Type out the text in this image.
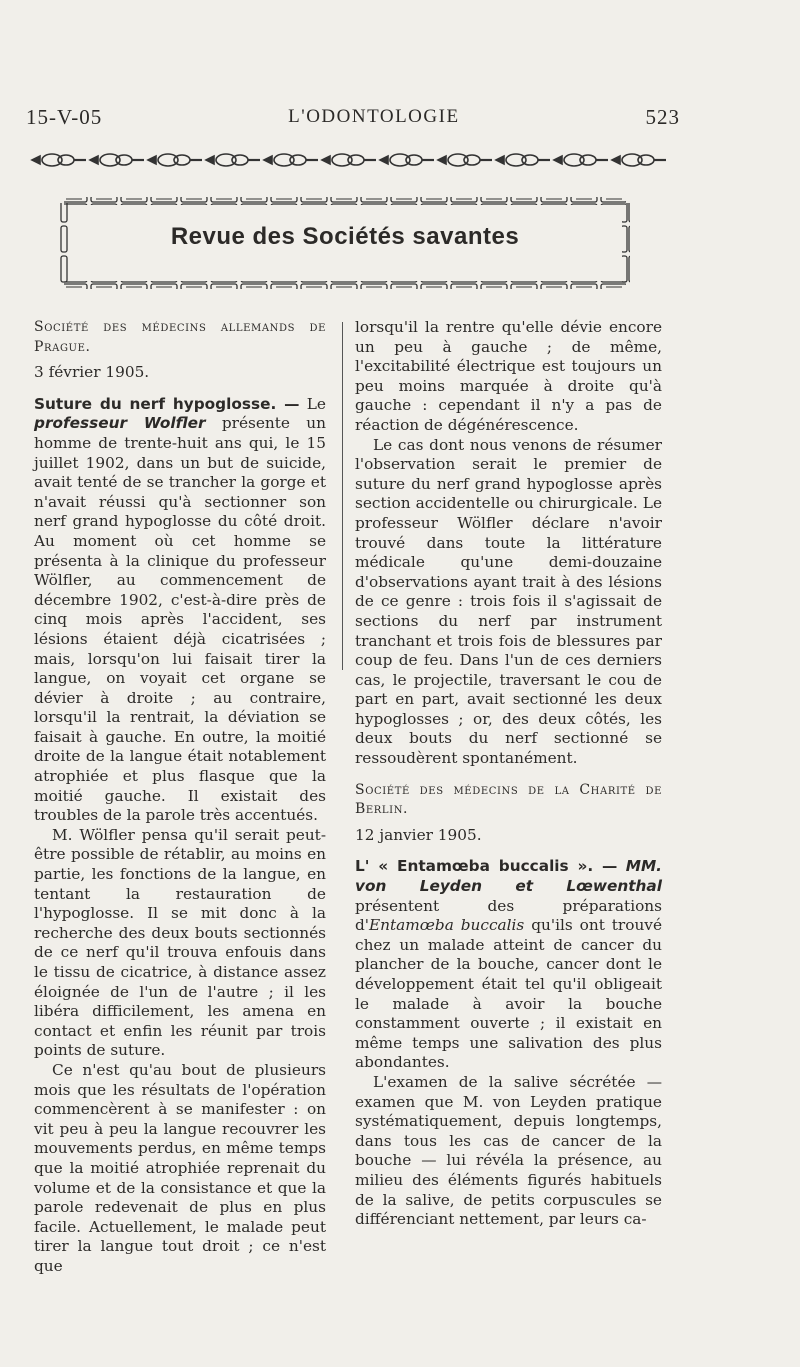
15-V-05	L'ODONTOLOGIE	523
Revue des Sociétés savantes

Société des médecins allemands de Prague.

3 février 1905.

Suture du nerf hypoglosse. — Le professeur Wolfler présente un homme de trente-huit ans qui, le 15 juillet 1902, dans un but de suicide, avait tenté de se trancher la gorge et n'avait réussi qu'à sectionner son nerf grand hypoglosse du côté droit. Au moment où cet homme se présenta à la clinique du professeur Wölfler, au commencement de décembre 1902, c'est-à-dire près de cinq mois après l'accident, ses lésions étaient déjà cicatrisées ; mais, lorsqu'on lui faisait tirer la langue, on voyait cet organe se dévier à droite ; au contraire, lorsqu'il la rentrait, la déviation se faisait à gauche. En outre, la moitié droite de la langue était notablement atrophiée et plus flasque que la moitié gauche. Il existait des troubles de la parole très accentués.

M. Wölfler pensa qu'il serait peut-être possible de rétablir, au moins en partie, les fonctions de la langue, en tentant la restauration de l'hypoglosse. Il se mit donc à la recherche des deux bouts sectionnés de ce nerf qu'il trouva enfouis dans le tissu de cicatrice, à distance assez éloignée de l'un de l'autre ; il les libéra difficilement, les amena en contact et enfin les réunit par trois points de suture.

Ce n'est qu'au bout de plusieurs mois que les résultats de l'opération commencèrent à se manifester : on vit peu à peu la langue recouvrer les mouvements perdus, en même temps que la moitié atrophiée reprenait du volume et de la consistance et que la parole redevenait de plus en plus facile. Actuellement, le malade peut tirer la langue tout droit ; ce n'est que

lorsqu'il la rentre qu'elle dévie encore un peu à gauche ; de même, l'excitabilité électrique est toujours un peu moins marquée à droite qu'à gauche : cependant il n'y a pas de réaction de dégénérescence.

Le cas dont nous venons de résumer l'observation serait le premier de suture du nerf grand hypoglosse après section accidentelle ou chirurgicale. Le professeur Wölfler déclare n'avoir trouvé dans toute la littérature médicale qu'une demi-douzaine d'observations ayant trait à des lésions de ce genre : trois fois il s'agissait de sections du nerf par instrument tranchant et trois fois de blessures par coup de feu. Dans l'un de ces derniers cas, le projectile, traversant le cou de part en part, avait sectionné les deux hypoglosses ; or, des deux côtés, les deux bouts du nerf sectionné se ressoudèrent spontanément.

Société des médecins de la Charité de Berlin.

12 janvier 1905.

L' « Entamœba buccalis ». — MM. von Leyden et Lœwenthal présentent des préparations d'Entamœba buccalis qu'ils ont trouvé chez un malade atteint de cancer du plancher de la bouche, cancer dont le développement était tel qu'il obligeait le malade à avoir la bouche constamment ouverte ; il existait en même temps une salivation des plus abondantes.

L'examen de la salive sécrétée — examen que M. von Leyden pratique systématiquement, depuis longtemps, dans tous les cas de cancer de la bouche — lui révéla la présence, au milieu des éléments figurés habituels de la salive, de petits corpuscules se différenciant nettement, par leurs ca-
